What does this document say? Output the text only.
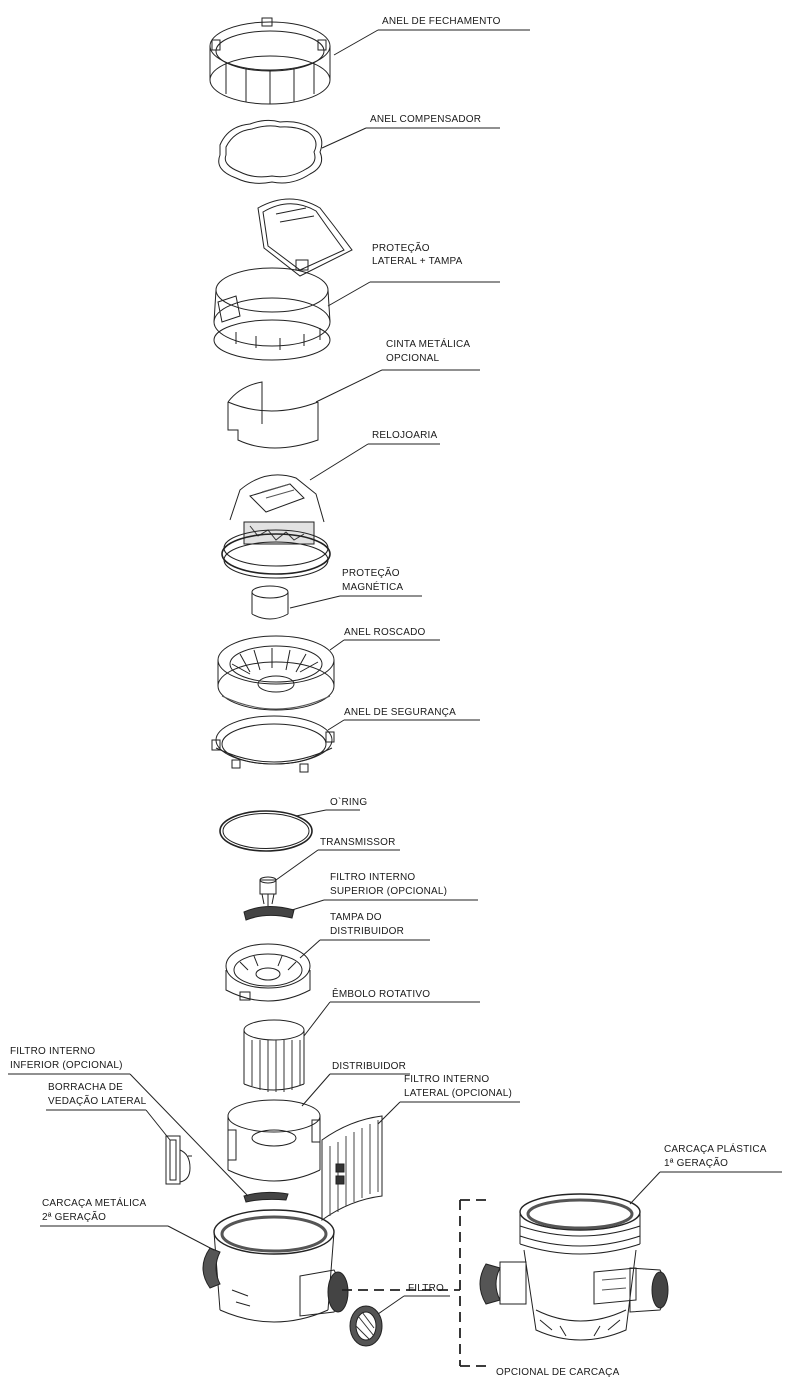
ANEL DE FECHAMENTO
ANEL COMPENSADOR
PROTEÇÃO
LATERAL + TAMPA
CINTA METÁLICA
OPCIONAL
RELOJOARIA
PROTEÇÃO
MAGNÉTICA
ANEL ROSCADO
ANEL DE SEGURANÇA
O`RING
TRANSMISSOR
FILTRO INTERNO
SUPERIOR (OPCIONAL)
TAMPA DO
DISTRIBUIDOR
ÊMBOLO ROTATIVO
FILTRO INTERNO
INFERIOR (OPCIONAL)	DISTRIBUIDOR
BORRACHA DE
VEDAÇÃO LATERAL
FILTRO INTERNO
LATERAL (OPCIONAL)
CARCAÇA METÁLICA
2ª GERAÇÃO
CARCAÇA PLÁSTICA
1ª GERAÇÃO
FILTRO
OPCIONAL DE CARCAÇA
